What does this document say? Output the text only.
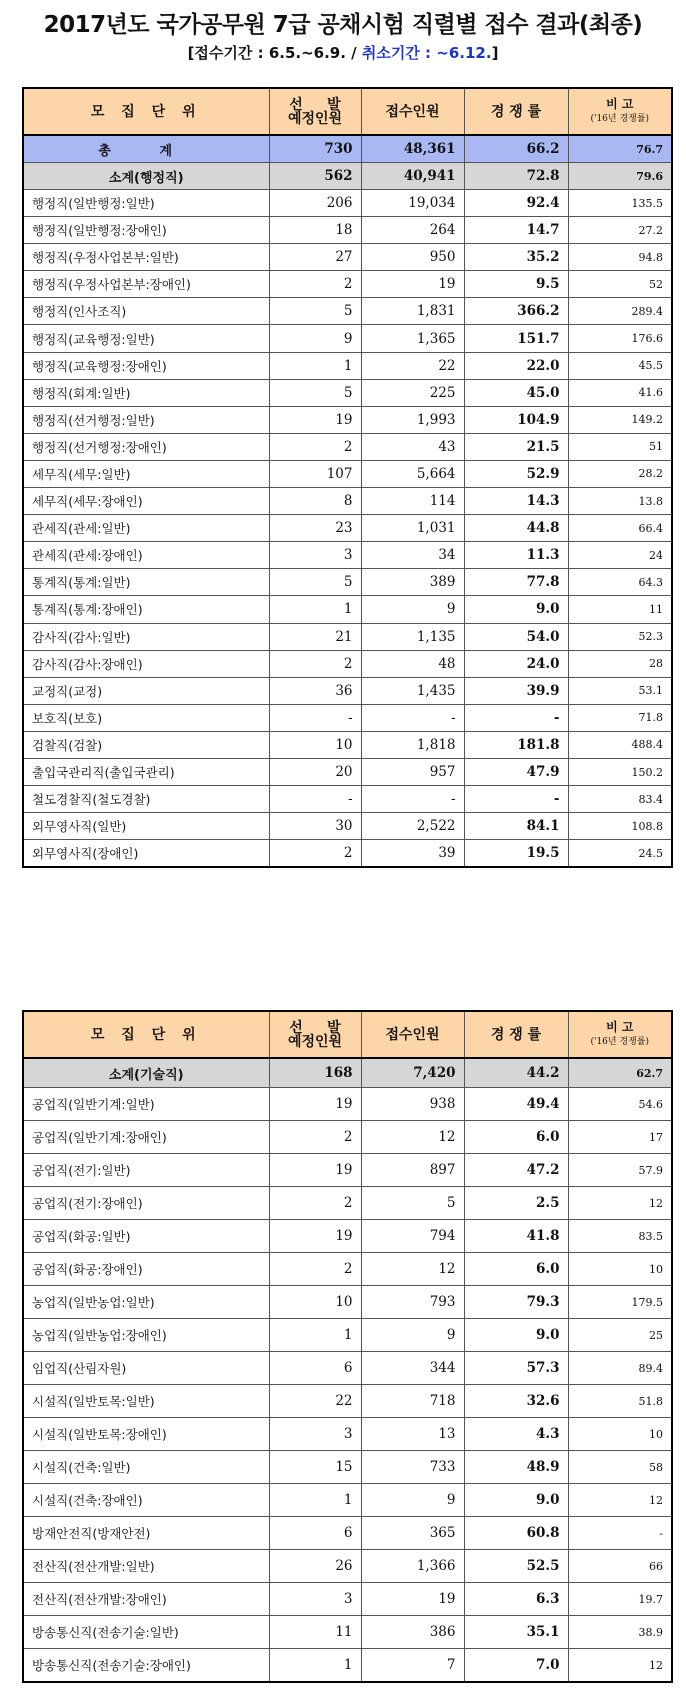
2017년도 국가공무원 7급 공채시험 직렬별 접수 결과(최종)
[접수기간 : 6.5.~6.9. / 취소기간 : ~6.12.]
모 집 단 위	선     발
예정인원	접수인원	경 쟁 률	비 고
('16년 경쟁률)
총 계	730	48,361	66.2	76.7
소계(행정직)	562	40,941	72.8	79.6
행정직(일반행정:일반)	206	19,034	92.4	135.5
행정직(일반행정:장애인)	18	264	14.7	27.2
행정직(우정사업본부:일반)	27	950	35.2	94.8
행정직(우정사업본부:장애인)	2	19	9.5	52
행정직(인사조직)	5	1,831	366.2	289.4
행정직(교육행정:일반)	9	1,365	151.7	176.6
행정직(교육행정:장애인)	1	22	22.0	45.5
행정직(회계:일반)	5	225	45.0	41.6
행정직(선거행정:일반)	19	1,993	104.9	149.2
행정직(선거행정:장애인)	2	43	21.5	51
세무직(세무:일반)	107	5,664	52.9	28.2
세무직(세무:장애인)	8	114	14.3	13.8
관세직(관세:일반)	23	1,031	44.8	66.4
관세직(관세:장애인)	3	34	11.3	24
통계직(통계:일반)	5	389	77.8	64.3
통계직(통계:장애인)	1	9	9.0	11
감사직(감사:일반)	21	1,135	54.0	52.3
감사직(감사:장애인)	2	48	24.0	28
교정직(교정)	36	1,435	39.9	53.1
보호직(보호)	-	-	-	71.8
검찰직(검찰)	10	1,818	181.8	488.4
출입국관리직(출입국관리)	20	957	47.9	150.2
철도경찰직(철도경찰)	-	-	-	83.4
외무영사직(일반)	30	2,522	84.1	108.8
외무영사직(장애인)	2	39	19.5	24.5
모 집 단 위	선     발
예정인원	접수인원	경 쟁 률	비 고
('16년 경쟁률)
소계(기술직)	168	7,420	44.2	62.7
공업직(일반기계:일반)	19	938	49.4	54.6
공업직(일반기계:장애인)	2	12	6.0	17
공업직(전기:일반)	19	897	47.2	57.9
공업직(전기:장애인)	2	5	2.5	12
공업직(화공:일반)	19	794	41.8	83.5
공업직(화공:장애인)	2	12	6.0	10
농업직(일반농업:일반)	10	793	79.3	179.5
농업직(일반농업:장애인)	1	9	9.0	25
임업직(산림자원)	6	344	57.3	89.4
시설직(일반토목:일반)	22	718	32.6	51.8
시설직(일반토목:장애인)	3	13	4.3	10
시설직(건축:일반)	15	733	48.9	58
시설직(건축:장애인)	1	9	9.0	12
방재안전직(방재안전)	6	365	60.8	-
전산직(전산개발:일반)	26	1,366	52.5	66
전산직(전산개발:장애인)	3	19	6.3	19.7
방송통신직(전송기술:일반)	11	386	35.1	38.9
방송통신직(전송기술:장애인)	1	7	7.0	12
